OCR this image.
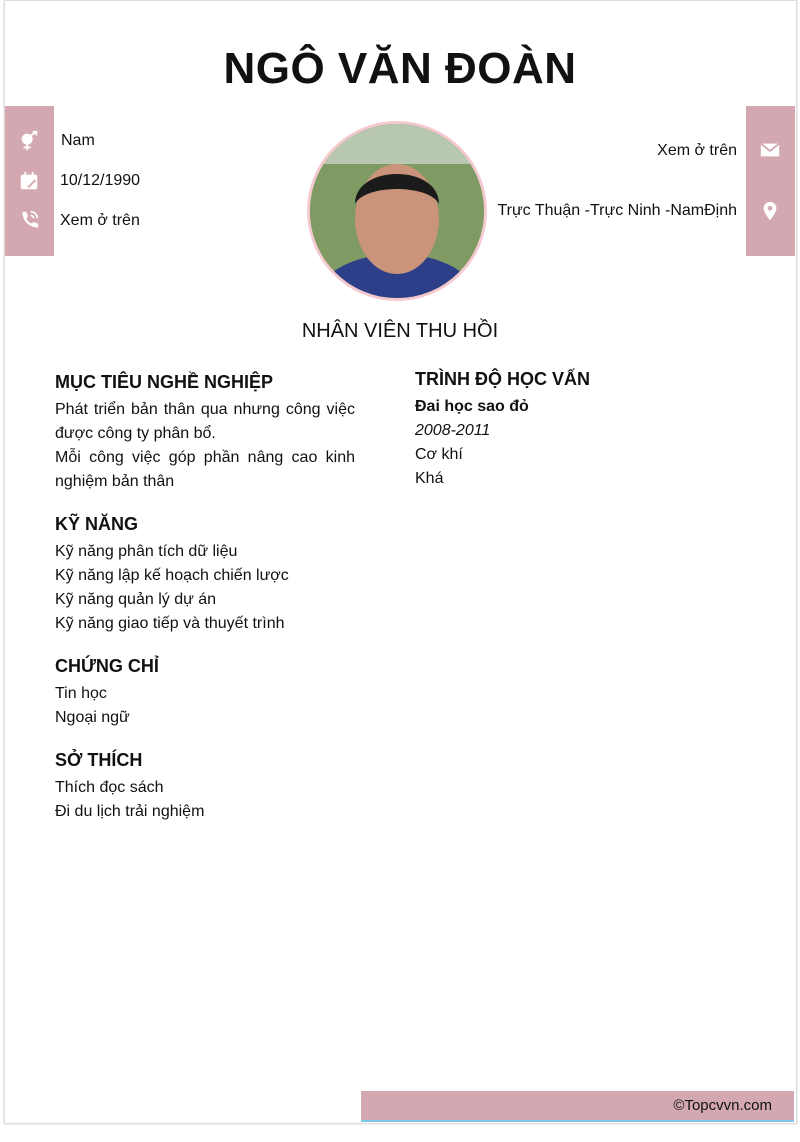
NGÔ VĂN ĐOÀN
Nam
10/12/1990
Xem ở trên
Xem ở trên
Trực Thuận -Trực Ninh -NamĐịnh
NHÂN VIÊN THU HỒI
MỤC TIÊU NGHỀ NGHIỆP

Phát triển bản thân qua nhưng công việc được công ty phân bổ.

Mỗi công việc góp phần nâng cao kinh nghiệm bản thân

KỸ NĂNG

Kỹ năng phân tích dữ liệu

Kỹ năng lập kế hoạch chiến lược

Kỹ năng quản lý dự án

Kỹ năng giao tiếp và thuyết trình

CHỨNG CHỈ

Tin học

Ngoại ngữ

SỞ THÍCH

Thích đọc sách

Đi du lịch trải nghiệm

TRÌNH ĐỘ HỌC VẤN

Đai học sao đỏ

2008-2011

Cơ khí

Khá

©Topcvvn.com
